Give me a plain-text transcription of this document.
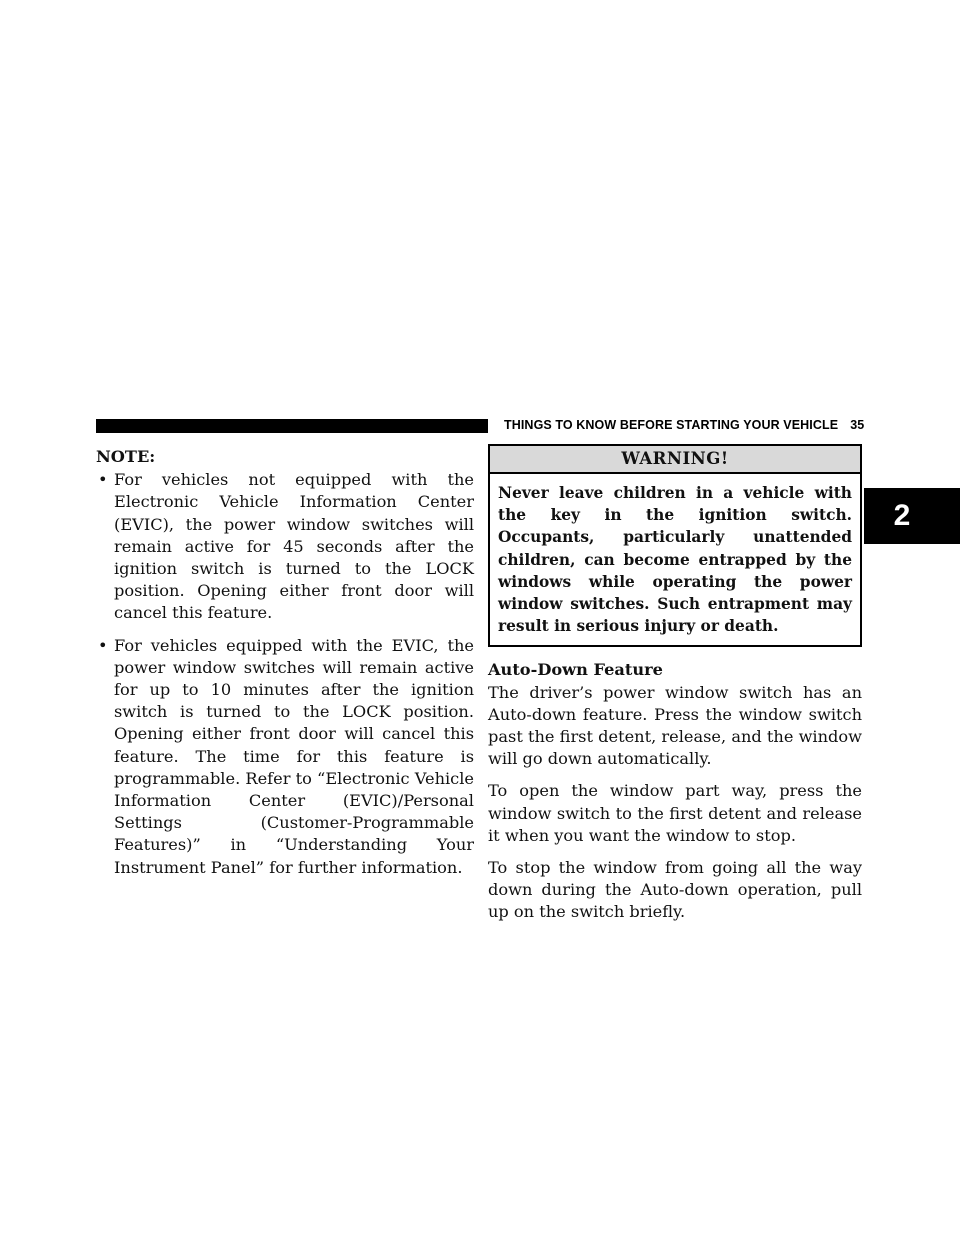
THINGS TO KNOW BEFORE STARTING YOUR VEHICLE 35
2
NOTE:
• For vehicles not equipped with the Electronic Vehicle Information Center (EVIC), the power window switches will remain active for 45 seconds after the ignition switch is turned to the LOCK position. Opening either front door will cancel this feature.
• For vehicles equipped with the EVIC, the power window switches will remain active for up to 10 minutes after the ignition switch is turned to the LOCK position. Opening either front door will cancel this feature. The time for this feature is programmable. Refer to “Electronic Vehicle Information Center (EVIC)/Personal Settings (Customer-Programmable Features)” in “Understanding Your Instrument Panel” for further information.
WARNING!
Never leave children in a vehicle with the key in the ignition switch. Occupants, particularly unattended children, can become entrapped by the windows while operating the power window switches. Such entrapment may result in serious injury or death.
Auto-Down Feature

The driver’s power window switch has an Auto-down feature. Press the window switch past the first detent, release, and the window will go down automatically.

To open the window part way, press the window switch to the first detent and release it when you want the window to stop.

To stop the window from going all the way down during the Auto-down operation, pull up on the switch briefly.
